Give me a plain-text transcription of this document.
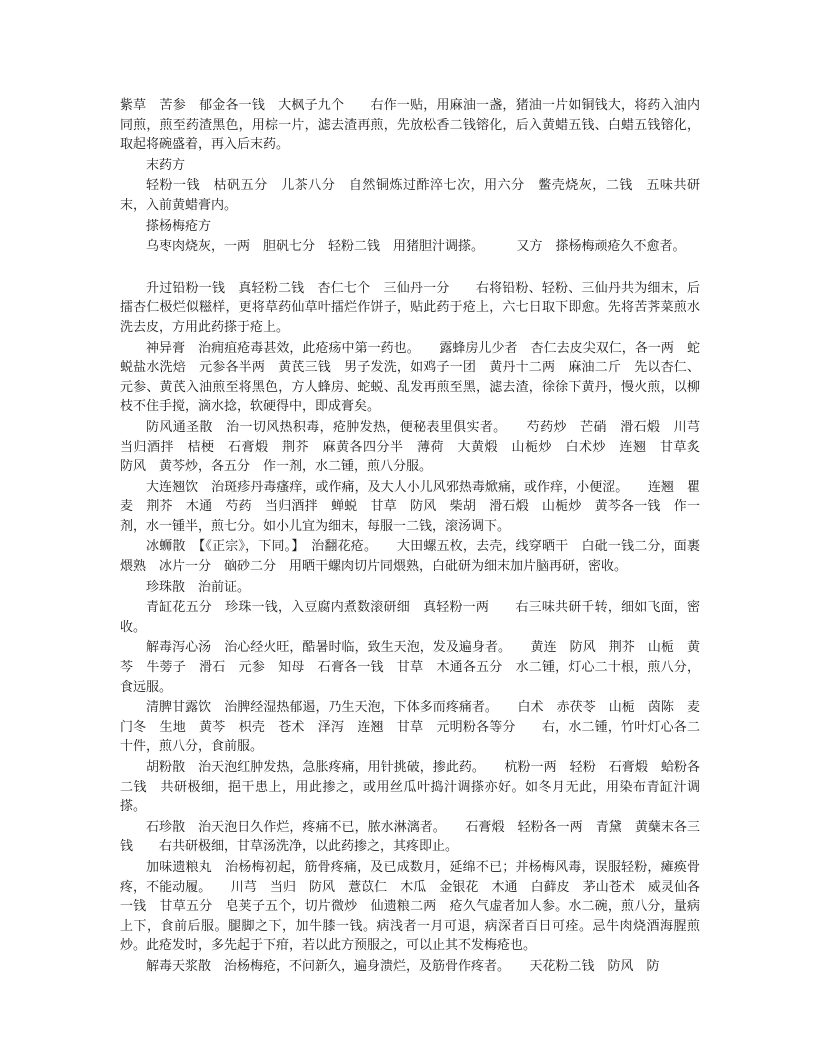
紫草　苦参　郁金各一钱　大枫子九个　　右作一贴，用麻油一盏，猪油一片如铜钱大，将药入油内同煎，煎至药渣黑色，用棕一片，滤去渣再煎，先放松香二钱镕化，后入黄蜡五钱、白蜡五钱镕化，取起将碗盛着，再入后末药。

末药方

轻粉一钱　枯矾五分　儿茶八分　自然铜炼过酢淬七次，用六分　鳖壳烧灰，二钱　五味共研末，入前黄蜡膏内。

搽杨梅疮方

乌枣肉烧灰，一两　胆矾七分　轻粉二钱　用猪胆汁调搽。　　　又方　搽杨梅顽疮久不愈者。

升过铅粉一钱　真轻粉二钱　杏仁七个　三仙丹一分　　右将铅粉、轻粉、三仙丹共为细末，后擂杏仁极烂似糍样，更将草药仙草叶擂烂作饼子，贴此药于疮上，六七日取下即愈。先将苦荠菜煎水洗去皮，方用此药搽于疮上。

神异膏　治痈疽疮毒甚效，此疮疡中第一药也。　　露蜂房儿少者　杏仁去皮尖双仁，各一两　蛇蜕盐水洗焙　元参各半两　黄芪三钱　男子发洗，如鸡子一团　黄丹十二两　麻油二斤　先以杏仁、元参、黄芪入油煎至将黑色，方人蜂房、蛇蜕、乱发再煎至黑，滤去渣，徐徐下黄丹，慢火煎，以柳枝不住手搅，滴水捻，软硬得中，即成膏矣。

防风通圣散　治一切风热积毒，疮肿发热，便秘表里俱实者。　　芍药炒　芒硝　滑石煅　川芎　当归酒拌　桔梗　石膏煅　荆芥　麻黄各四分半　薄荷　大黄煅　山栀炒　白术炒　连翘　甘草炙　防风　黄芩炒，各五分　作一剂，水二锺，煎八分服。

大连翘饮　治斑疹丹毒瘙痒，或作痛，及大人小儿风邪热毒焮痛，或作痒，小便涩。　　连翘　瞿麦　荆芥　木通　芍药　当归酒拌　蝉蜕　甘草　防风　柴胡　滑石煅　山栀炒　黄芩各一钱　作一剂，水一锺半，煎七分。如小儿宜为细末，每服一二钱，滚汤调下。

冰蛳散　【《正宗》，下同。】　治翻花疮。　　大田螺五枚，去壳，线穿晒干　白砒一钱二分，面裹煨熟　冰片一分　硇砂二分　用晒干螺肉切片同煨熟，白砒研为细末加片脑再研，密收。

珍珠散　治前证。

青缸花五分　珍珠一钱，入豆腐内煮数滚研细　真轻粉一两　　右三味共研千转，细如飞面，密收。

解毒泻心汤　治心经火旺，酷暑时临，致生天泡，发及遍身者。　　黄连　防风　荆芥　山栀　黄芩　牛蒡子　滑石　元参　知母　石膏各一钱　甘草　木通各五分　水二锺，灯心二十根，煎八分，食远服。

清脾甘露饮　治脾经湿热郁遏，乃生天泡，下体多而疼痛者。　　白术　赤茯苓　山栀　茵陈　麦门冬　生地　黄芩　枳壳　苍术　泽泻　连翘　甘草　元明粉各等分　　右，水二锺，竹叶灯心各二十件，煎八分，食前服。

胡粉散　治天泡红肿发热，急胀疼痛，用针挑破，掺此药。　　杭粉一两　轻粉　石膏煅　蛤粉各二钱　共研极细，挹干患上，用此掺之，或用丝瓜叶捣汁调搽亦好。如冬月无此，用染布青缸汁调搽。

石珍散　治天泡日久作烂，疼痛不已，脓水淋漓者。　　石膏煅　轻粉各一两　青黛　黄蘖末各三钱　　右共研极细，甘草汤洗净，以此药掺之，其疼即止。

加味遗粮丸　治杨梅初起，筋骨疼痛，及已成数月，延绵不已；并杨梅风毒，误服轻粉，瘫痪骨疼，不能动履。　　川芎　当归　防风　薏苡仁　木瓜　金银花　木通　白藓皮　茅山苍术　威灵仙各一钱　甘草五分　皂荚子五个，切片微炒　仙遗粮二两　疮久气虚者加人参。水二碗，煎八分，量病上下，食前后服。腿脚之下，加牛膝一钱。病浅者一月可退，病深者百日可痊。忌牛肉烧酒海腥煎炒。此疮发时，多先起于下疳，若以此方预服之，可以止其不发梅疮也。

解毒天浆散　治杨梅疮，不问新久，遍身溃烂，及筋骨作疼者。　　天花粉二钱　防风　防
